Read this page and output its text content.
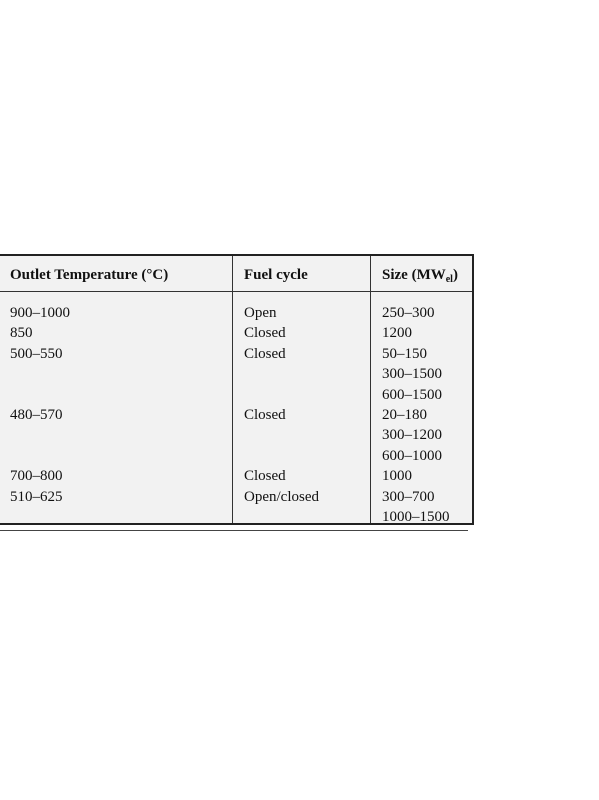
Outlet Temperature (°C)	Fuel cycle	Size $(MW_{el})$
900–1000
850
500–550
480–570
700–800
510–625
Open
Closed
Closed
Closed
Closed
Open/closed
250–300
1200
50–150
300–1500
600–1500
20–180
300–1200
600–1000
1000
300–700
1000–1500
